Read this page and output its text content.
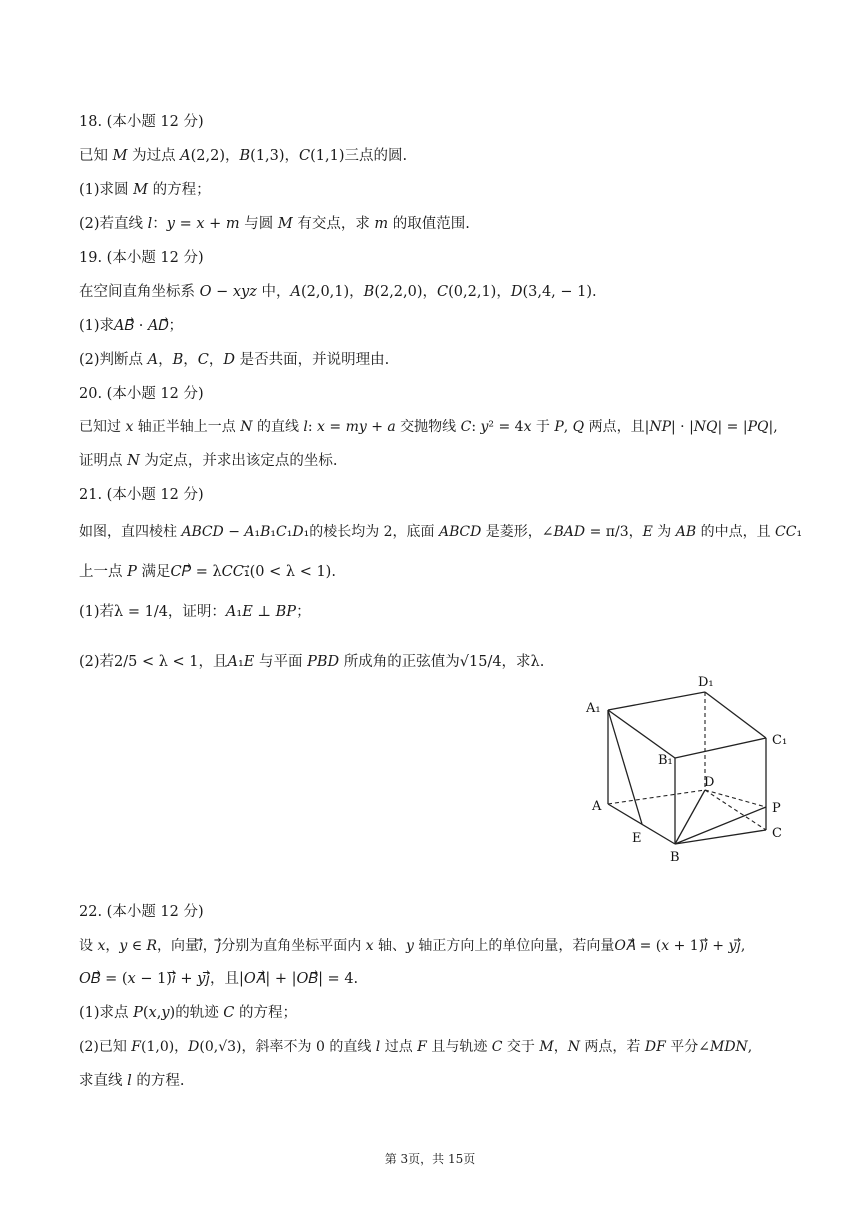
18. (本小题 12 分)
已知 𝑀 为过点 𝐴(2,2)，𝐵(1,3)，𝐶(1,1)三点的圆.
(1)求圆 𝑀 的方程；
(2)若直线 𝑙：𝑦 = 𝑥 + 𝑚 与圆 𝑀 有交点，求 𝑚 的取值范围.
19. (本小题 12 分)
在空间直角坐标系 𝑂 − 𝑥𝑦𝑧 中，𝐴(2,0,1)，𝐵(2,2,0)，𝐶(0,2,1)，𝐷(3,4, − 1).
(1)求𝐴𝐵⃗ · 𝐴𝐷⃗；
(2)判断点 𝐴，𝐵，𝐶，𝐷 是否共面，并说明理由.
20. (本小题 12 分)
已知过 𝑥 轴正半轴上一点 𝑁 的直线 𝑙: 𝑥 = 𝑚𝑦 + 𝑎 交抛物线 𝐶: 𝑦² = 4𝑥 于 𝑃, 𝑄 两点，且|𝑁𝑃| · |𝑁𝑄| = |𝑃𝑄|,
证明点 𝑁 为定点，并求出该定点的坐标.
21. (本小题 12 分)
如图，直四棱柱 𝐴𝐵𝐶𝐷 − 𝐴₁𝐵₁𝐶₁𝐷₁的棱长均为 2，底面 𝐴𝐵𝐶𝐷 是菱形，∠𝐵𝐴𝐷 = π/3，𝐸 为 𝐴𝐵 的中点，且 𝐶𝐶₁
上一点 𝑃 满足𝐶𝑃⃗ = λ𝐶𝐶₁⃗(0 < λ < 1).
(1)若λ = 1/4，证明：𝐴₁𝐸 ⊥ 𝐵𝑃；
(2)若2/5 < λ < 1，且𝐴₁𝐸 与平面 𝑃𝐵𝐷 所成角的正弦值为√15/4，求λ.
A₁
D₁
C₁
B₁
D
A	P
C
E
B
22. (本小题 12 分)
设 𝑥，𝑦 ∈ 𝑅，向量𝑖⃗，𝑗⃗分别为直角坐标平面内 𝑥 轴、𝑦 轴正方向上的单位向量，若向量𝑂𝐴⃗ = (𝑥 + 1)𝑖⃗ + 𝑦𝑗⃗,
𝑂𝐵⃗ = (𝑥 − 1)𝑖⃗ + 𝑦𝑗⃗，且|𝑂𝐴⃗| + |𝑂𝐵⃗| = 4.
(1)求点 𝑃(𝑥,𝑦)的轨迹 𝐶 的方程；
(2)已知 𝐹(1,0)，𝐷(0,√3)，斜率不为 0 的直线 𝑙 过点 𝐹 且与轨迹 𝐶 交于 𝑀，𝑁 两点，若 𝐷𝐹 平分∠𝑀𝐷𝑁,
求直线 𝑙 的方程.
第 3页，共 15页
